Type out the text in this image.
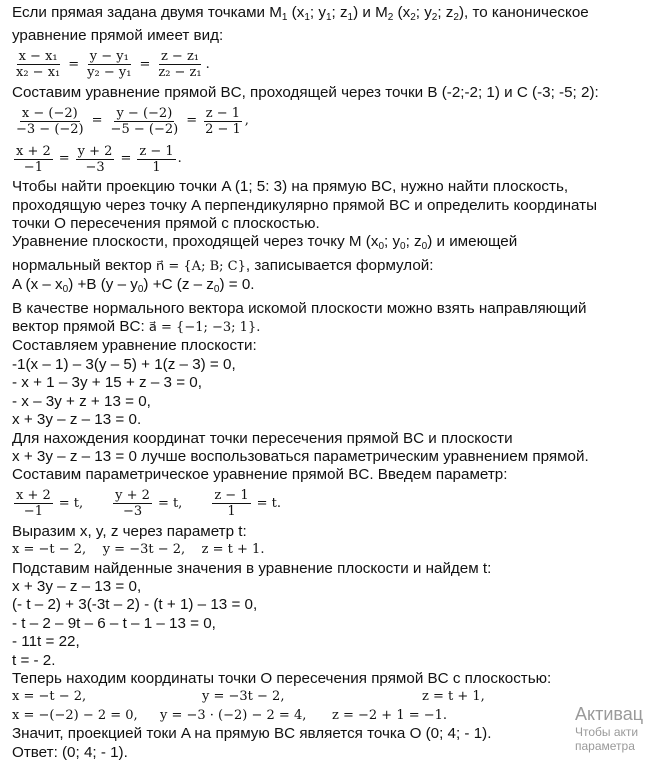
Если прямая задана двумя точками $M_1$ ($x_1$; $y_1$; $z_1$) и $M_2$ ($x_2$; $y_2$; $z_2$), то каноническое
уравнение прямой имеет вид:
$\frac{\text{x − x₁}}{\text{x₂ − x₁}} = \frac{\text{y − y₁}}{\text{y₂ − y₁}} = \frac{\text{z − z₁}}{\text{z₂ − z₁}}$ .
Составим уравнение прямой BC, проходящей через точки B (-2;-2; 1) и C (-3; -5; 2):
$\frac{x - (-2)}{-3 - (-2)} = \frac{y - (-2)}{-5 - (-2)} = \frac{z - 1}{2 - 1}$ ,
$\frac{x + 2}{-1} = \frac{y + 2}{-3} = \frac{z - 1}{1}$ .
Чтобы найти проекцию точки A (1; 5: 3) на прямую BC, нужно найти плоскость,
проходящую через точку A перпендикулярно прямой BC и определить координаты
точки O пересечения прямой с плоскостью.
Уравнение плоскости, проходящей через точку M ($x_0$; $y_0$; $z_0$) и имеющей
нормальный вектор n⃗ = {A; B; C}, записывается формулой:
A $(x - x_0) +B$ $(y - y_0) +C$ $(z - z_0) = 0$.
В качестве нормального вектора искомой плоскости можно взять направляющий
вектор прямой BC: a⃗ = {−1; −3; 1}.
Составляем уравнение плоскости:
-1(x – 1) – 3(y – 5) + 1(z – 3) = 0,
- x + 1 – 3y + 15 + z – 3 = 0,
- x – 3y + z + 13 = 0,
x + 3y – z – 13 = 0.
Для нахождения координат точки пересечения прямой BC и плоскости
x + 3y – z – 13 = 0 лучше воспользоваться параметрическим уравнением прямой.
Составим параметрическое уравнение прямой BC. Введем параметр:
$\frac{x + 2}{-1} = t$, $\frac{y + 2}{-3} = t$, $\frac{z - 1}{1} = t$.
Выразим x, y, z через параметр t:
x = −t − 2,    y = −3t − 2,    z = t + 1.
Подставим найденные значения в уравнение плоскости и найдем t:
x + 3y – z – 13 = 0,
(- t – 2) + 3(-3t – 2) - (t + 1) – 13 = 0,
- t – 2 – 9t – 6 – t – 1 – 13 = 0,
- 11t = 22,
t = - 2.
Теперь находим координаты точки O пересечения прямой BC с плоскостью:
x = −t − 2,	y = −3t − 2,	z = t + 1,
x = −(−2) − 2 = 0,	y = −3 · (−2) − 2 = 4,	z = −2 + 1 = −1.
Значит, проекцией токи A на прямую BC является точка O (0; 4; - 1).
Ответ: (0; 4; - 1).
Активац
Чтобы акти
параметра
